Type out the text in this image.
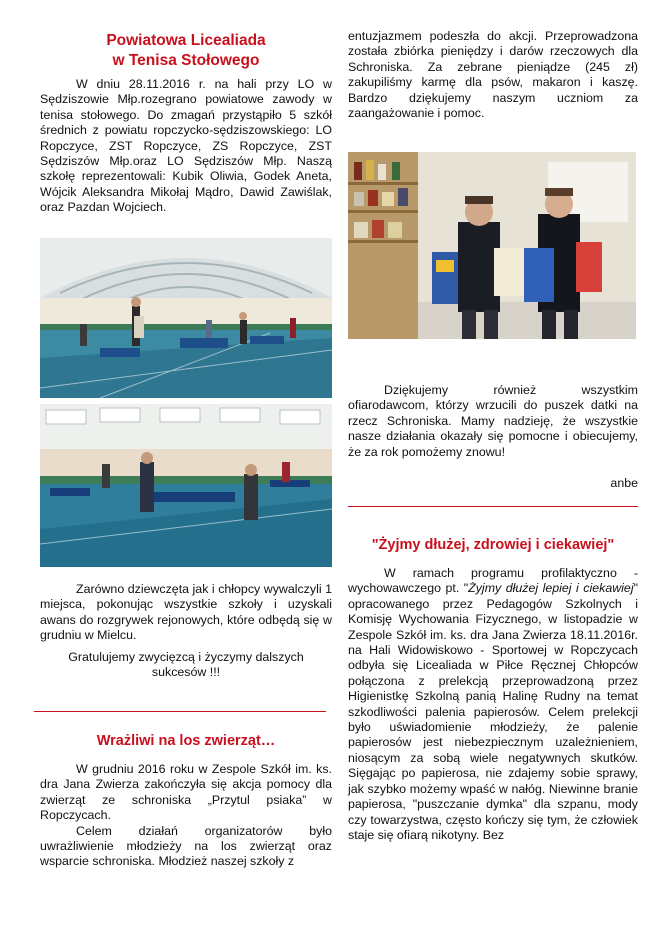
Powiatowa Licealiada
w Tenisa Stołowego

W dniu 28.11.2016 r. na hali przy LO w Sędziszowie Młp.rozegrano powiatowe zawody w tenisa stołowego. Do zmagań przystąpiło 5 szkół średnich z powiatu ropczycko-sędziszowskiego: LO Ropczyce, ZST Ropczyce, ZS Ropczyce, ZST Sędziszów Młp.oraz LO Sędziszów Młp. Naszą szkołę reprezentowali: Kubik Oliwia, Godek Aneta, Wójcik Aleksandra Mikołaj Mądro, Dawid Zawiślak, oraz Pazdan Wojciech.

Zarówno dziewczęta jak i chłopcy wywalczyli 1 miejsca, pokonując wszystkie szkoły i uzyskali awans do rozgrywek rejonowych, które odbędą się w grudniu w Mielcu.

Gratulujemy zwycięzcą i życzymy dalszych sukcesów !!!

Wrażliwi na los zwierząt…

W grudniu 2016 roku w Zespole Szkół im. ks. dra Jana Zwierza zakończyła się akcja pomocy dla zwierząt ze schroniska „Przytul psiaka” w Ropczycach.

Celem działań organizatorów było uwrażliwienie młodzieży na los zwierząt oraz wsparcie schroniska. Młodzież naszej szkoły z

entuzjazmem podeszła do akcji. Przeprowadzona została zbiórka pieniędzy i darów rzeczowych dla Schroniska. Za zebrane pieniądze (245 zł) zakupiliśmy karmę dla psów, makaron i kaszę. Bardzo dziękujemy naszym uczniom za zaangażowanie i pomoc.

Dziękujemy również wszystkim ofiarodawcom, którzy wrzucili do puszek datki na rzecz Schroniska. Mamy nadzieję, że wszystkie nasze działania okazały się pomocne i obiecujemy, że za rok pomożemy znowu!

anbe

"Żyjmy dłużej, zdrowiej i ciekawiej"

W ramach programu profilaktyczno - wychowawczego pt. "Żyjmy dłużej lepiej i ciekawiej" opracowanego przez Pedagogów Szkolnych i Komisję Wychowania Fizycznego, w listopadzie w Zespole Szkół im. ks. dra Jana Zwierza 18.11.2016r. na Hali Widowiskowo - Sportowej w Ropczycach odbyła się Licealiada w Piłce Ręcznej Chłopców połączona z prelekcją przeprowadzoną przez Higienistkę Szkolną panią Halinę Rudny na temat szkodliwości palenia papierosów. Celem prelekcji było uświadomienie młodzieży, że palenie papierosów jest niebezpiecznym uzależnieniem, niosącym za sobą wiele negatywnych skutków. Sięgając po papierosa, nie zdajemy sobie sprawy, jak szybko możemy wpaść w nałóg. Niewinne branie papierosa, "puszczanie dymka" dla szpanu, mody czy towarzystwa, często kończy się tym, że człowiek staje się ofiarą nikotyny. Bez
